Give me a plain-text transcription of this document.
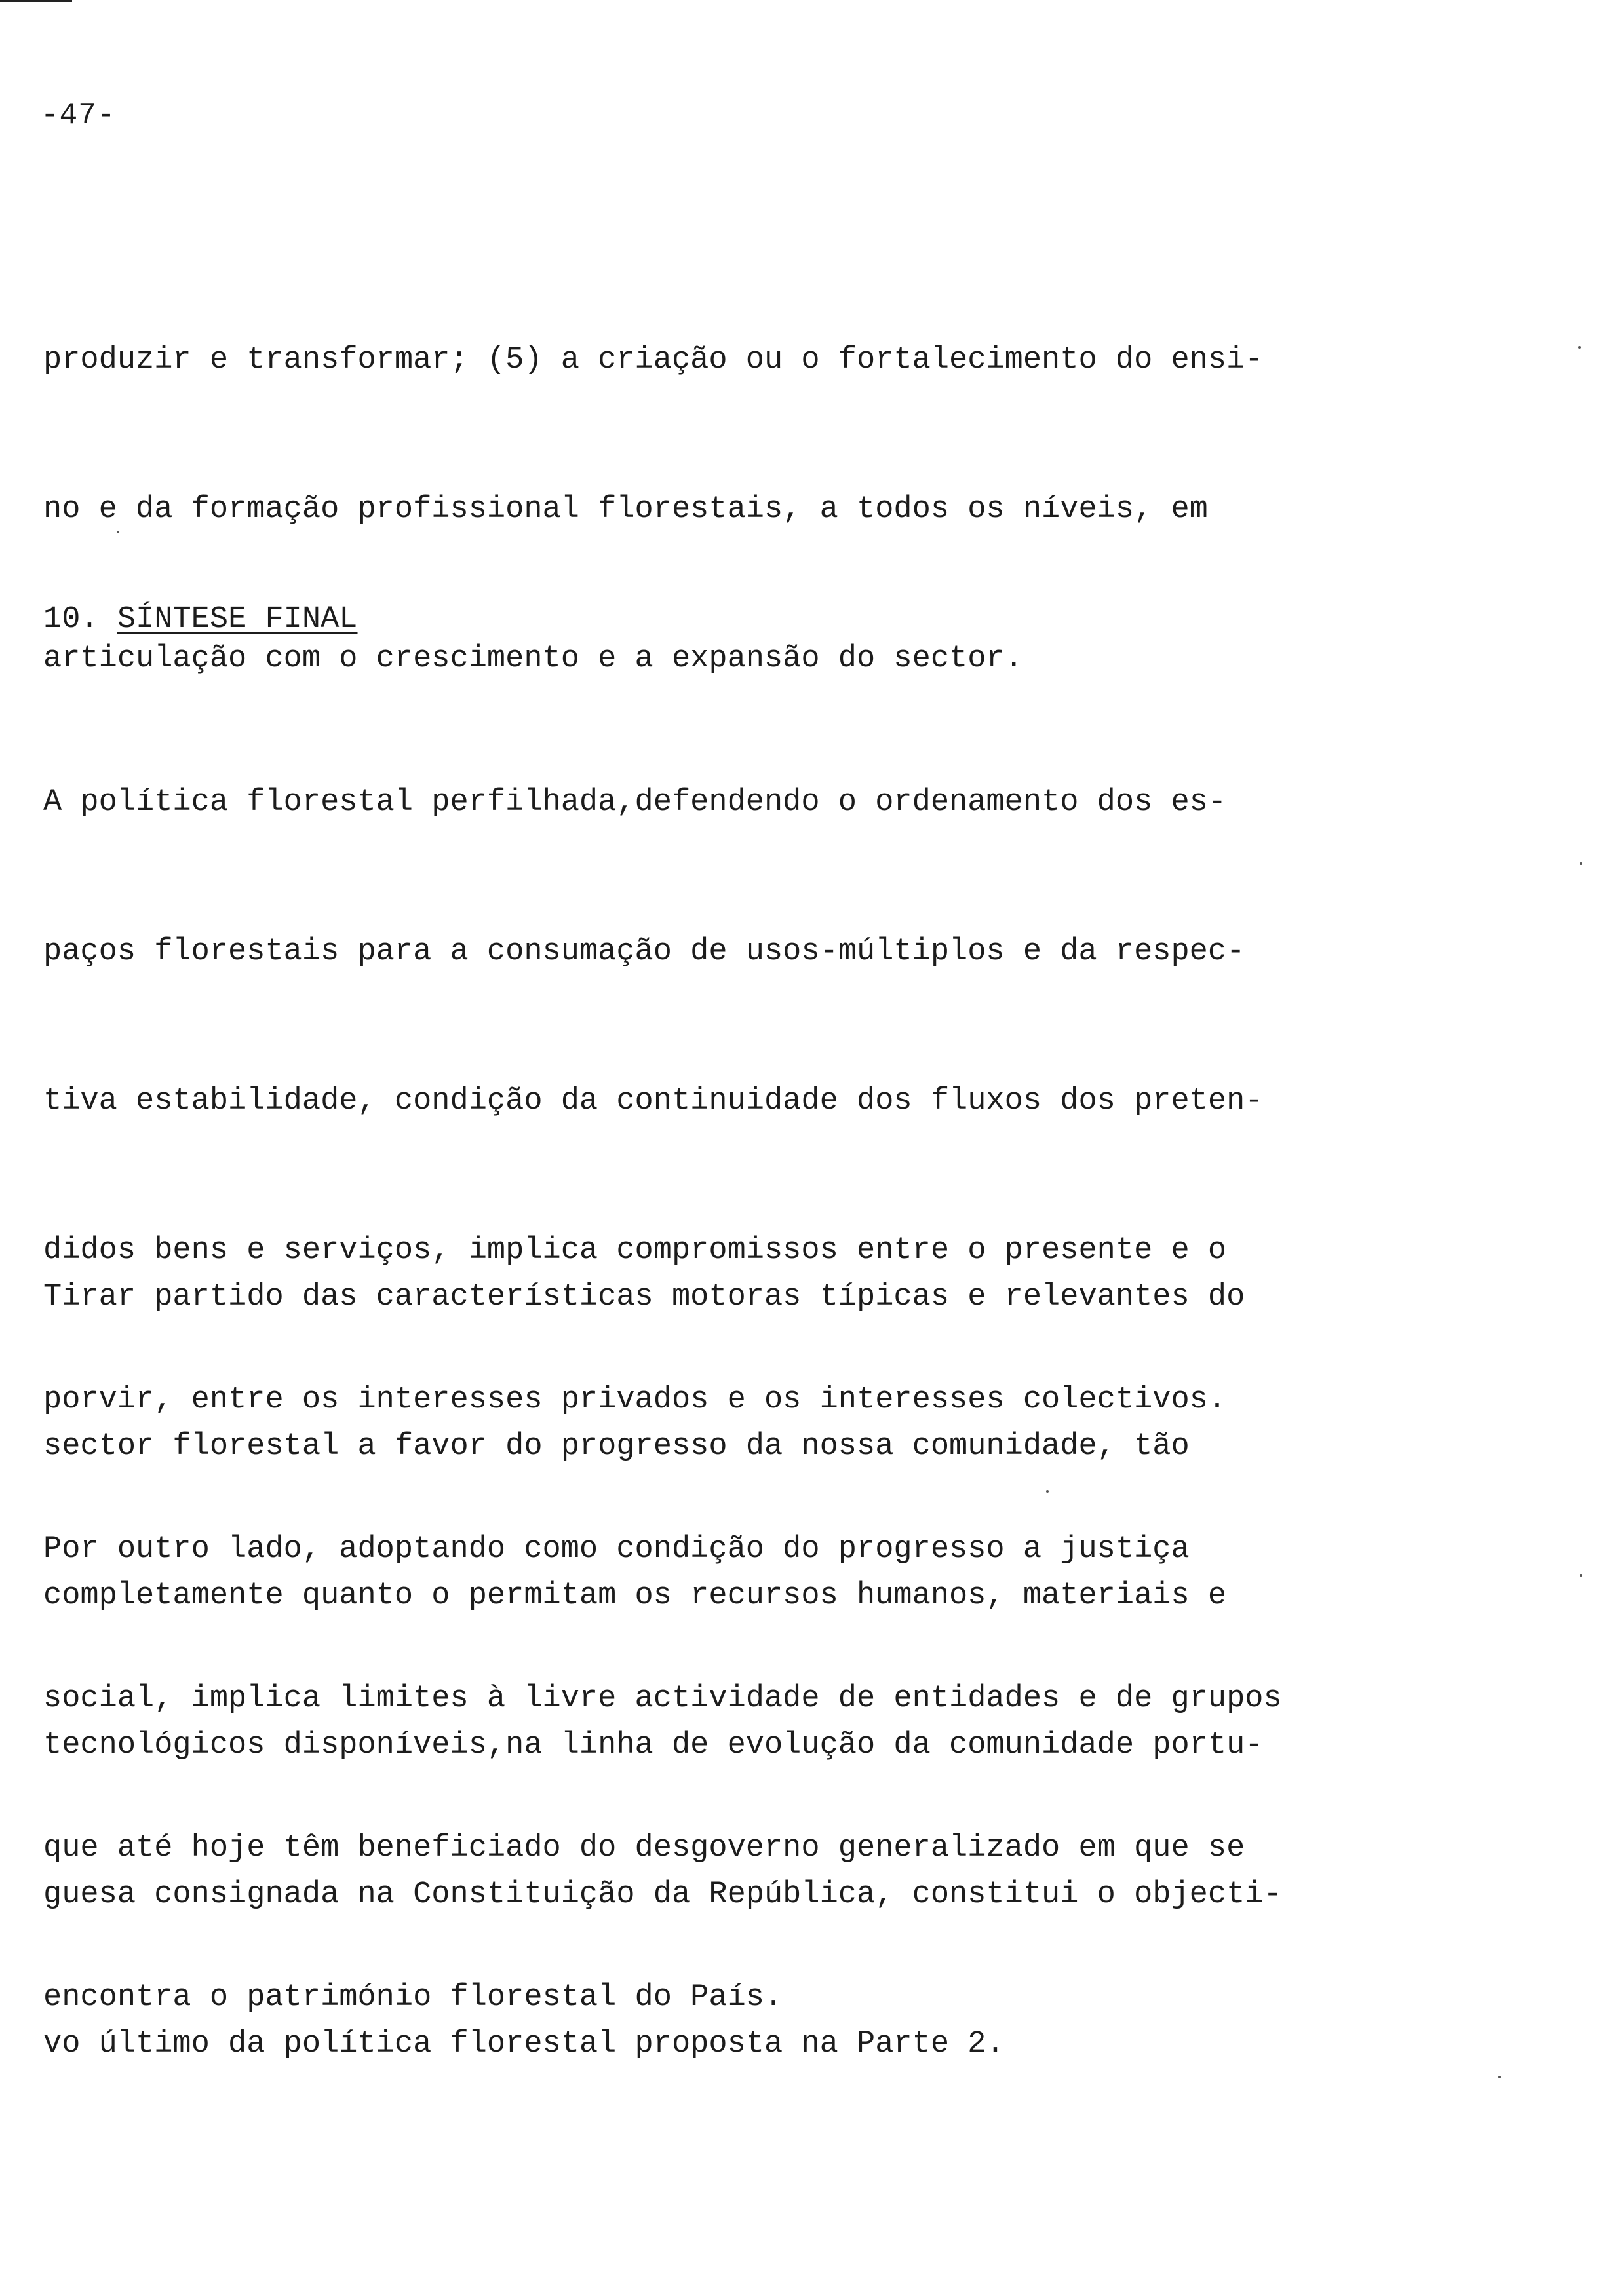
-47-

produzir e transformar; (5) a criação ou o fortalecimento do ensi-

no e da formação profissional florestais, a todos os níveis, em

articulação com o crescimento e a expansão do sector.

10. SÍNTESE FINAL

A política florestal perfilhada,defendendo o ordenamento dos es-

paços florestais para a consumação de usos-múltiplos e da respec-

tiva estabilidade, condição da continuidade dos fluxos dos preten-

didos bens e serviços, implica compromissos entre o presente e o

porvir, entre os interesses privados e os interesses colectivos.

Por outro lado, adoptando como condição do progresso a justiça

social, implica limites à livre actividade de entidades e de grupos

que até hoje têm beneficiado do desgoverno generalizado em que se

encontra o património florestal do País.

Tirar partido das características motoras típicas e relevantes do

sector florestal a favor do progresso da nossa comunidade, tão

completamente quanto o permitam os recursos humanos, materiais e

tecnológicos disponíveis,na linha de evolução da comunidade portu-

guesa consignada na Constituição da República, constitui o objecti-

vo último da política florestal proposta na Parte 2.
